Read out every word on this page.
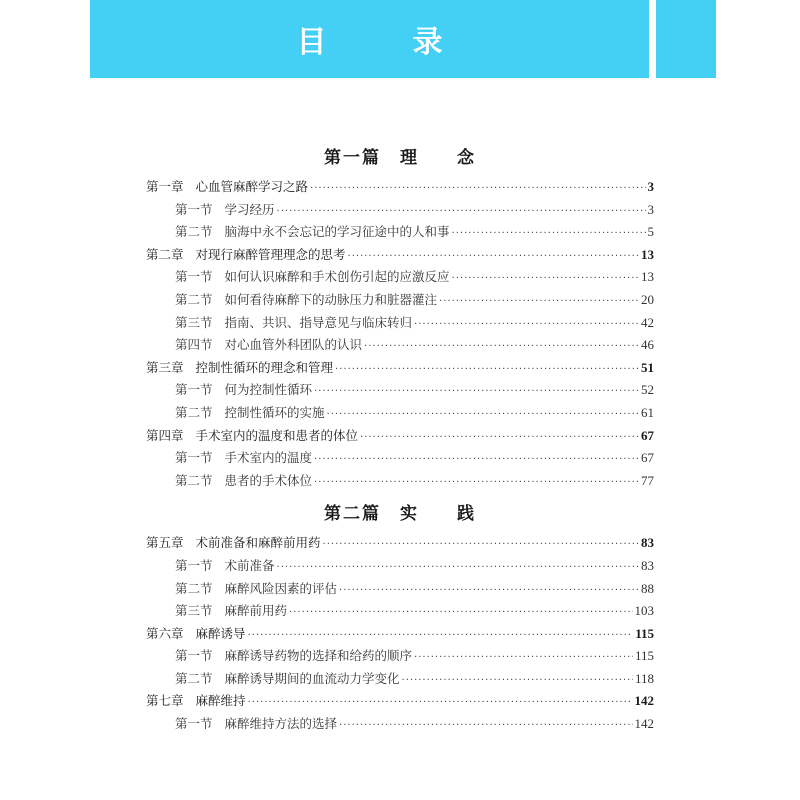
目　录
第一篇　理　　念
第一章 心血管麻醉学习之路 ·····	3
第一节 学习经历 ·····	3
第二节 脑海中永不会忘记的学习征途中的人和事 ·····	5
第二章 对现行麻醉管理理念的思考 ·····	13
第一节 如何认识麻醉和手术创伤引起的应激反应 ·····	13
第二节 如何看待麻醉下的动脉压力和脏器灌注 ·····	20
第三节 指南、共识、指导意见与临床转归 ·····	42
第四节 对心血管外科团队的认识 ·····	46
第三章 控制性循环的理念和管理 ·····	51
第一节 何为控制性循环 ·····	52
第二节 控制性循环的实施 ·····	61
第四章 手术室内的温度和患者的体位 ·····	67
第一节 手术室内的温度 ·····	67
第二节 患者的手术体位 ·····	77
第二篇　实　　践
第五章 术前准备和麻醉前用药 ·····	83
第一节 术前准备 ·····	83
第二节 麻醉风险因素的评估 ·····	88
第三节 麻醉前用药 ·····	103
第六章 麻醉诱导 ·····	115
第一节 麻醉诱导药物的选择和给药的顺序 ·····	115
第二节 麻醉诱导期间的血流动力学变化 ·····	118
第七章 麻醉维持 ·····	142
第一节 麻醉维持方法的选择 ·····	142
